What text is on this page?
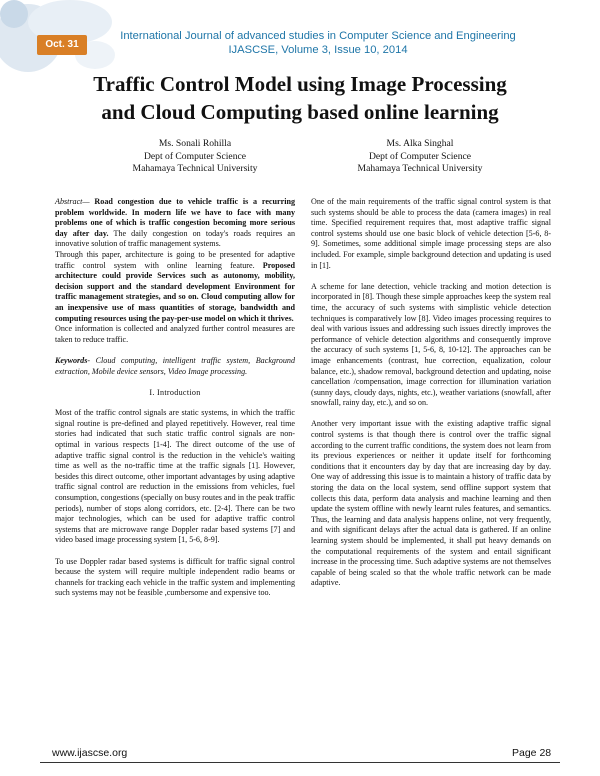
Oct. 31
International Journal of advanced studies in Computer Science and Engineering
IJASCSE, Volume 3, Issue 10, 2014
Traffic Control Model using Image Processing
and Cloud Computing based online learning
Ms. Sonali Rohilla
Dept of Computer Science
Mahamaya Technical University
Ms. Alka Singhal
Dept of Computer Science
Mahamaya Technical University

Abstract— Road congestion due to vehicle traffic is a recurring problem worldwide. In modern life we have to face with many problems one of which is traffic congestion becoming more serious day after day. The daily congestion on today's roads requires an innovative solution of traffic management systems.
Through this paper, architecture is going to be presented for adaptive traffic control system with online learning feature. Proposed architecture could provide Services such as autonomy, mobility, decision support and the standard development Environment for traffic management strategies, and so on. Cloud computing allow for an inexpensive use of mass quantities of storage, bandwidth and computing resources using the pay-per-use model on which it thrives.
Once information is collected and analyzed further control measures are taken to reduce traffic.

Keywords- Cloud computing, intelligent traffic system, Background extraction, Mobile device sensors, Video Image processing.

I. Introduction

Most of the traffic control signals are static systems, in which the traffic signal routine is pre-defined and played repetitively. However, real time stories had indicated that such static traffic control signals are non-optimal in various respects [1-4]. The direct outcome of the use of adaptive traffic signal control is the reduction in the vehicle's waiting time as well as the no-traffic time at the traffic signals [1]. However, besides this direct outcome, other important advantages by using adaptive traffic signal control are reduction in the emissions from vehicles, fuel consumption, congestions (specially on busy routes and in the peak traffic periods), number of stops along corridors, etc. [2-4]. There can be two major technologies, which can be used for adaptive traffic control systems that are microwave range Doppler radar based systems [7] and video based image processing system [1, 5-6, 8-9].

To use Doppler radar based systems is difficult for traffic signal control because the system will require multiple independent radio beams or channels for tracking each vehicle in the traffic system and implementing such systems may not be feasible ,cumbersome and expensive too.

One of the main requirements of the traffic signal control system is that such systems should be able to process the data (camera images) in real time. Specified requirement requires that, most adaptive traffic signal control systems should use one basic block of vehicle detection [5-6, 8-9]. Sometimes, some additional simple image processing steps are also included. For example, simple background detection and updating is used in [1].

A scheme for lane detection, vehicle tracking and motion detection is incorporated in [8]. Though these simple approaches keep the system real time, the accuracy of such systems with simplistic vehicle detection techniques is comparatively low [8]. Video images processing requires to deal with various issues and addressing such issues directly improves the performance of vehicle detection algorithms and consequently improve the accuracy of such systems [1, 5-6, 8, 10-12]. The approaches can be image enhancements (contrast, hue correction, equalization, colour balance, etc.), shadow removal, background detection and updating, noise cancellation /compensation, image correction for illumination variation (sunny days, cloudy days, nights, etc.), weather variations (snowfall, after snowfall, rainy day, etc.), and so on.

Another very important issue with the existing adaptive traffic signal control systems is that though there is control over the traffic signal according to the current traffic conditions, the system does not learn from its previous experiences or neither it update itself for forthcoming conditions that it encounters day by day that are increasing day by day. One way of addressing this issue is to maintain a history of traffic data by storing the data on the local system, send offline support system that collects this data, perform data analysis and machine learning and then update the system offline with newly learnt rules features, and semantics. Thus, the learning and data analysis happens online, not very frequently, and with significant delays after the actual data is gathered. If an online learning system should be implemented, it shall put heavy demands on the computational requirements of the system and entail significant increase in the processing time. Such adaptive systems are not themselves capable of being scaled so that the whole traffic network can be made adaptive.

www.ijascse.org	Page 28
